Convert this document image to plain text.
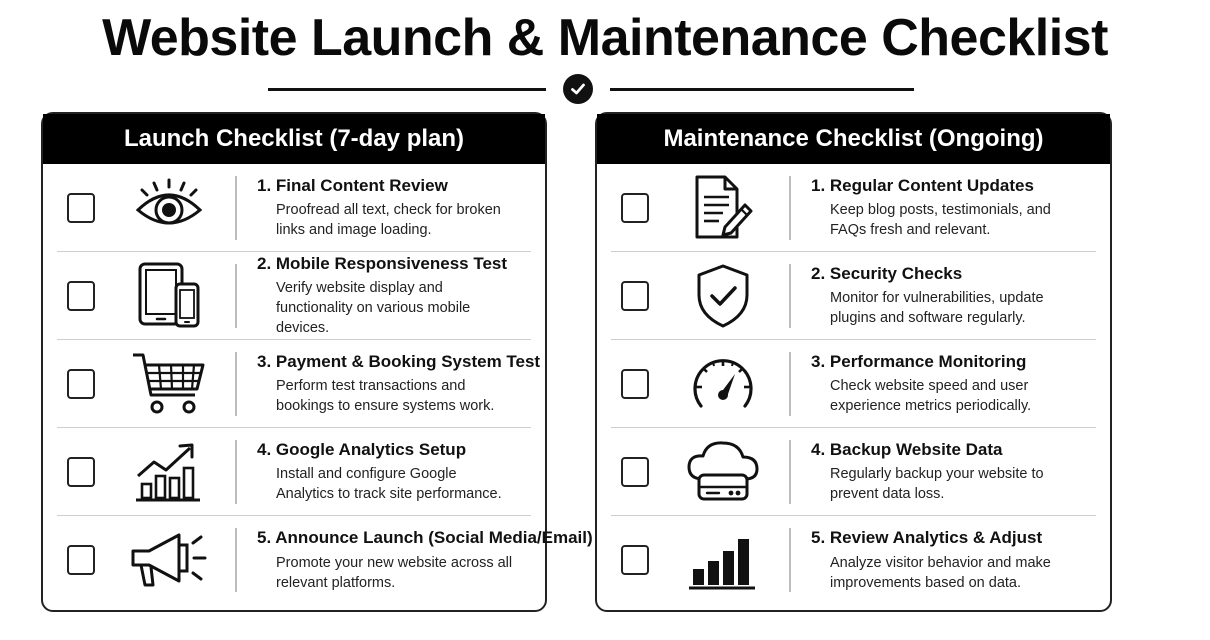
Website Launch & Maintenance Checklist
Launch Checklist (7-day plan)
1. Final Content Review
Proofread all text, check for broken links and image loading.
2. Mobile Responsiveness Test
Verify website display and functionality on various mobile devices.
3. Payment & Booking System Test
Perform test transactions and bookings to ensure systems work.
4. Google Analytics Setup
Install and configure Google Analytics to track site performance.
5. Announce Launch (Social Media/Email)
Promote your new website across all relevant platforms.
Maintenance Checklist (Ongoing)
1. Regular Content Updates
Keep blog posts, testimonials, and FAQs fresh and relevant.
2. Security Checks
Monitor for vulnerabilities, update plugins and software regularly.
3. Performance Monitoring
Check website speed and user experience metrics periodically.
4. Backup Website Data
Regularly backup your website to prevent data loss.
5. Review Analytics & Adjust
Analyze visitor behavior and make improvements based on data.
